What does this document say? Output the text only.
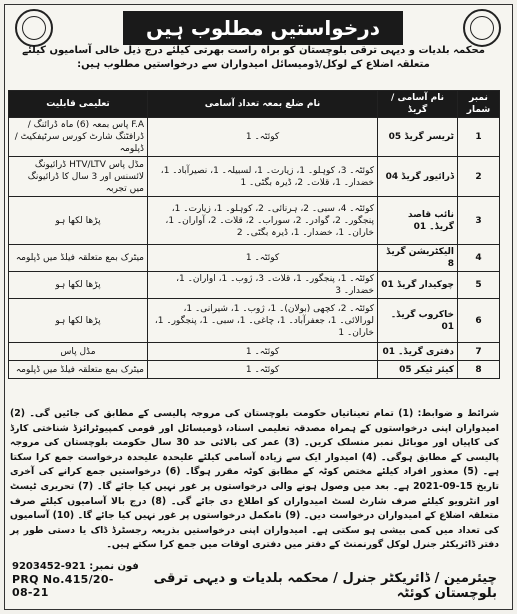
درخواستیں مطلوب ہیں
محکمہ بلدیات و دیہی ترقی بلوچستان کو براہ راست بھرتی کیلئے درج ذیل خالی آسامیوں کیلئے متعلقہ اضلاع کے لوکل/ڈومیسائل امیدواران سے درخواستیں مطلوب ہیں:
نمبر شمار	نام آسامی / گریڈ	نام ضلع بمعہ تعداد آسامی	تعلیمی قابلیت
1	ٹریسر گریڈ 05	کوئٹہ۔ 1	F.A پاس بمعہ (6) ماہ ڈرائنگ / ڈرافٹنگ شارٹ کورس سرٹیفکیٹ / ڈپلومہ
2	ڈرائیور گریڈ 04	کوئٹہ۔ 3، کوہلو۔ 1، زیارت۔ 1، لسبیلہ۔ 1، نصیرآباد۔ 1، خضدار۔ 1، قلات۔ 2، ڈیرہ بگٹی۔ 1	مڈل پاس HTV/LTV ڈرائیونگ لائسنس اور 3 سال کا ڈرائیونگ میں تجربہ
3	نائب قاصد گریڈ۔ 01	کوئٹہ۔ 4، سبی۔ 2، ہرنائی۔ 2، کوہلو۔ 1، زیارت۔ 1، پنجگور۔ 2، گوادر۔ 2، سوراب۔ 2، قلات۔ 2، آواران۔ 1، خاران۔ 1، خضدار۔ 1، ڈیرہ بگٹی۔ 2	پڑھا لکھا ہو
4	الیکٹریشن گریڈ 8	کوئٹہ۔ 1	میٹرک بمع متعلقہ فیلڈ میں ڈپلومہ
5	چوکیدار گریڈ 01	کوئٹہ۔ 1، پنجگور۔ 1، قلات۔ 3، ژوب۔ 1، اواران۔ 1، خضدار۔ 3	پڑھا لکھا ہو
6	خاکروب گریڈ۔ 01	کوئٹہ۔ 2، کچھی (بولان)۔ 1، ژوب۔ 1، شیرانی۔ 1، لورالائی۔ 1، جعفرآباد۔ 1، چاغی۔ 1، سبی۔ 1، پنجگور۔ 1، خاران۔ 1	پڑھا لکھا ہو
7	دفتری گریڈ۔ 01	کوئٹہ۔ 1	مڈل پاس
8	کیئر ٹیکر 05	کوئٹہ۔ 1	میٹرک بمع متعلقہ فیلڈ میں ڈپلومہ
شرائط و ضوابط: (1) تمام تعیناتیاں حکومت بلوچستان کی مروجہ پالیسی کے مطابق کی جائیں گی۔ (2) امیدواران اپنی درخواستوں کے ہمراہ مصدقہ تعلیمی اسناد، ڈومیسائل اور قومی کمپیوٹرائزڈ شناختی کارڈ کی کاپیاں اور موبائل نمبر منسلک کریں۔ (3) عمر کی بالائی حد 30 سال حکومت بلوچستان کی مروجہ پالیسی کے مطابق ہوگی۔ (4) امیدوار ایک سے زیادہ آسامی کیلئے علیحدہ علیحدہ درخواست جمع کرا سکتا ہے۔ (5) معذور افراد کیلئے مختص کوٹہ کے مطابق کوٹہ مقرر ہوگا۔ (6) درخواستیں جمع کرانے کی آخری تاریخ 15-09-2021 ہے۔ بعد میں وصول ہونے والی درخواستوں پر غور نہیں کیا جائے گا۔ (7) تحریری ٹیسٹ اور انٹرویو کیلئے صرف شارٹ لسٹ امیدواران کو اطلاع دی جائے گی۔ (8) درج بالا آسامیوں کیلئے صرف متعلقہ اضلاع کے امیدواران درخواست دیں۔ (9) نامکمل درخواستوں پر غور نہیں کیا جائے گا۔ (10) آسامیوں کی تعداد میں کمی بیشی ہو سکتی ہے۔ امیدواران اپنی درخواستیں بذریعہ رجسٹرڈ ڈاک یا دستی طور پر دفتر ڈائریکٹر جنرل لوکل گورنمنٹ کے دفتر میں دفتری اوقات میں جمع کرا سکتے ہیں۔
فون نمبر: 921-9203452
PRQ No.415/20-08-21
چیئرمین / ڈائریکٹر جنرل / محکمہ بلدیات و دیہی ترقی بلوچستان کوئٹہ
